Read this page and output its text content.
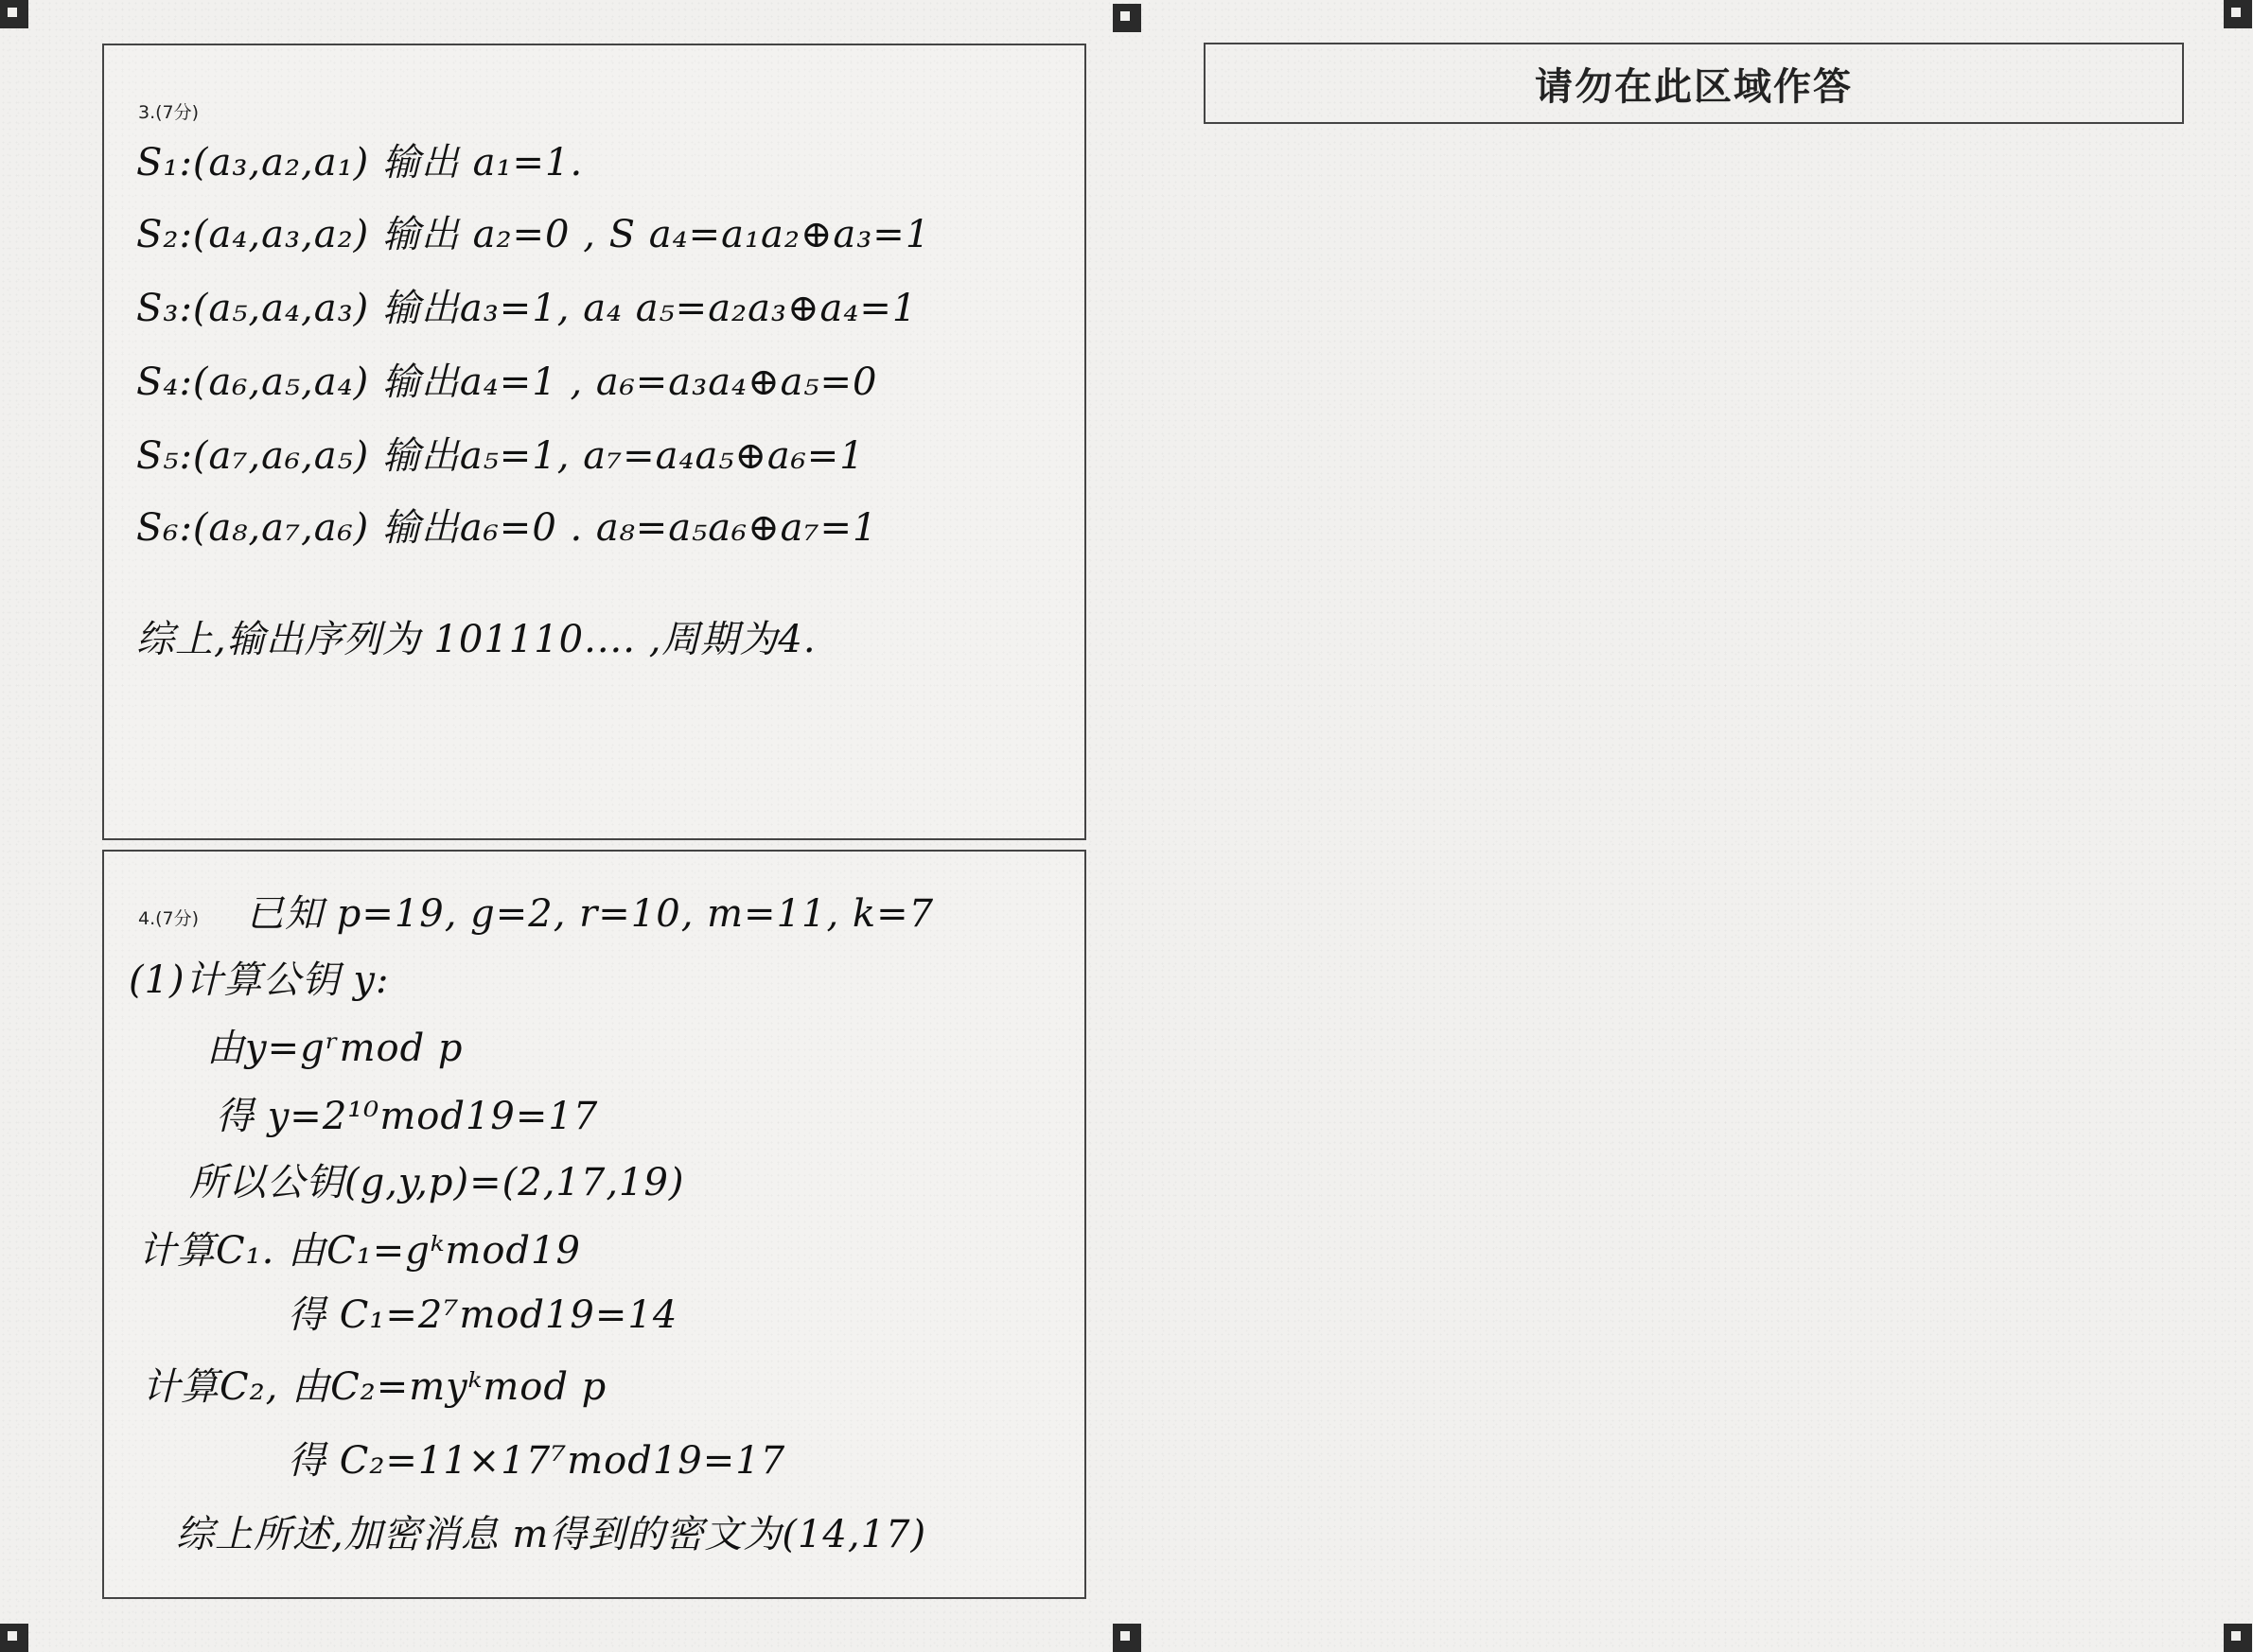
3.(7分)
S₁:(a₃,a₂,a₁) 输出 a₁=1.
S₂:(a₄,a₃,a₂) 输出 a₂=0 , S a₄=a₁a₂⊕a₃=1
S₃:(a₅,a₄,a₃) 输出a₃=1, a₄ a₅=a₂a₃⊕a₄=1
S₄:(a₆,a₅,a₄) 输出a₄=1 , a₆=a₃a₄⊕a₅=0
S₅:(a₇,a₆,a₅) 输出a₅=1, a₇=a₄a₅⊕a₆=1
S₆:(a₈,a₇,a₆) 输出a₆=0 . a₈=a₅a₆⊕a₇=1
综上,输出序列为 101110.... ,周期为4.
4.(7分) 已知 p=19, g=2, r=10, m=11, k=7
(1)计算公钥 y:
由y=gʳmod p
得 y=2¹⁰mod19=17
所以公钥(g,y,p)=(2,17,19)
计算C₁. 由C₁=gᵏmod19
得 C₁=2⁷mod19=14
计算C₂, 由C₂=myᵏmod p
得 C₂=11×17⁷mod19=17
综上所述,加密消息 m得到的密文为(14,17)
请勿在此区域作答
